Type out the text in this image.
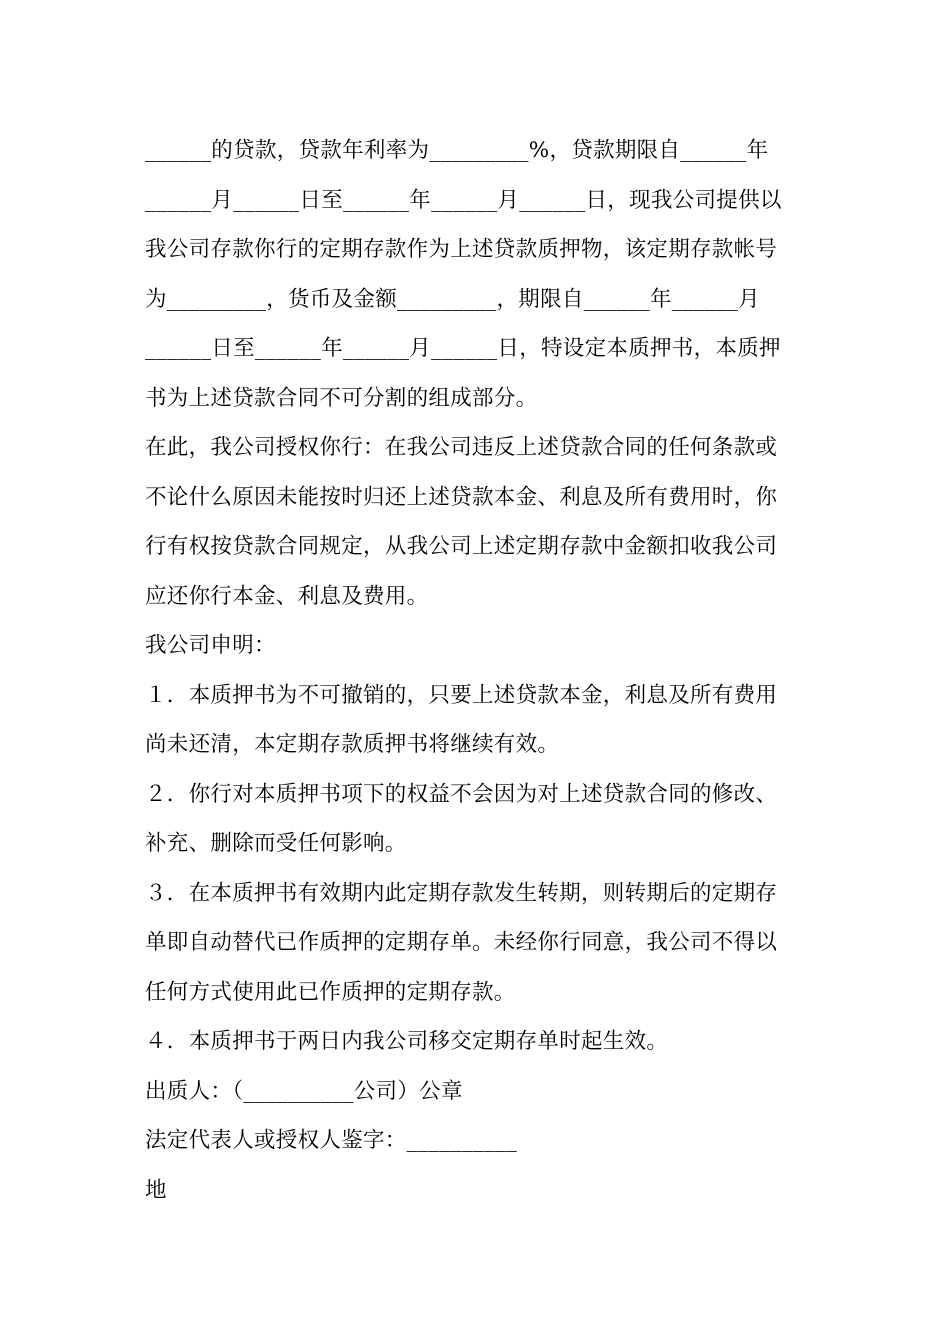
______的贷款，贷款年利率为_________%，贷款期限自______年
______月______日至______年______月______日，现我公司提供以
我公司存款你行的定期存款作为上述贷款质押物，该定期存款帐号
为_________，货币及金额_________，期限自______年______月
______日至______年______月______日，特设定本质押书，本质押
书为上述贷款合同不可分割的组成部分。
在此，我公司授权你行：在我公司违反上述贷款合同的任何条款或
不论什么原因未能按时归还上述贷款本金、利息及所有费用时，你
行有权按贷款合同规定，从我公司上述定期存款中金额扣收我公司
应还你行本金、利息及费用。
我公司申明：
１．本质押书为不可撤销的，只要上述贷款本金，利息及所有费用
尚未还清，本定期存款质押书将继续有效。
２．你行对本质押书项下的权益不会因为对上述贷款合同的修改、
补充、删除而受任何影响。
３．在本质押书有效期内此定期存款发生转期，则转期后的定期存
单即自动替代已作质押的定期存单。未经你行同意，我公司不得以
任何方式使用此已作质押的定期存款。
４．本质押书于两日内我公司移交定期存单时起生效。
出质人：（__________公司）公章
法定代表人或授权人鉴字：__________
地
